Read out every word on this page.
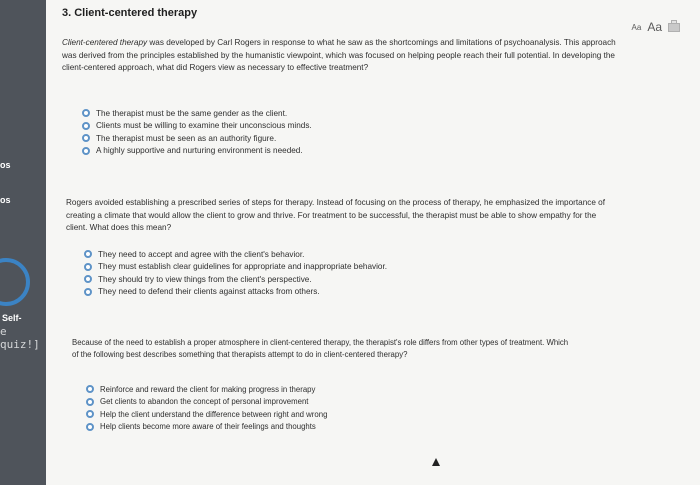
os
os
Self-
e quiz!]
3. Client-centered therapy
Aa Aa
Client-centered therapy was developed by Carl Rogers in response to what he saw as the shortcomings and limitations of psychoanalysis. This approach was derived from the principles established by the humanistic viewpoint, which was focused on helping people reach their full potential. In developing the client-centered approach, what did Rogers view as necessary to effective treatment?
The therapist must be the same gender as the client.
Clients must be willing to examine their unconscious minds.
The therapist must be seen as an authority figure.
A highly supportive and nurturing environment is needed.
Rogers avoided establishing a prescribed series of steps for therapy. Instead of focusing on the process of therapy, he emphasized the importance of creating a climate that would allow the client to grow and thrive. For treatment to be successful, the therapist must be able to show empathy for the client. What does this mean?
They need to accept and agree with the client's behavior.
They must establish clear guidelines for appropriate and inappropriate behavior.
They should try to view things from the client's perspective.
They need to defend their clients against attacks from others.
Because of the need to establish a proper atmosphere in client-centered therapy, the therapist's role differs from other types of treatment. Which of the following best describes something that therapists attempt to do in client-centered therapy?
Reinforce and reward the client for making progress in therapy
Get clients to abandon the concept of personal improvement
Help the client understand the difference between right and wrong
Help clients become more aware of their feelings and thoughts
